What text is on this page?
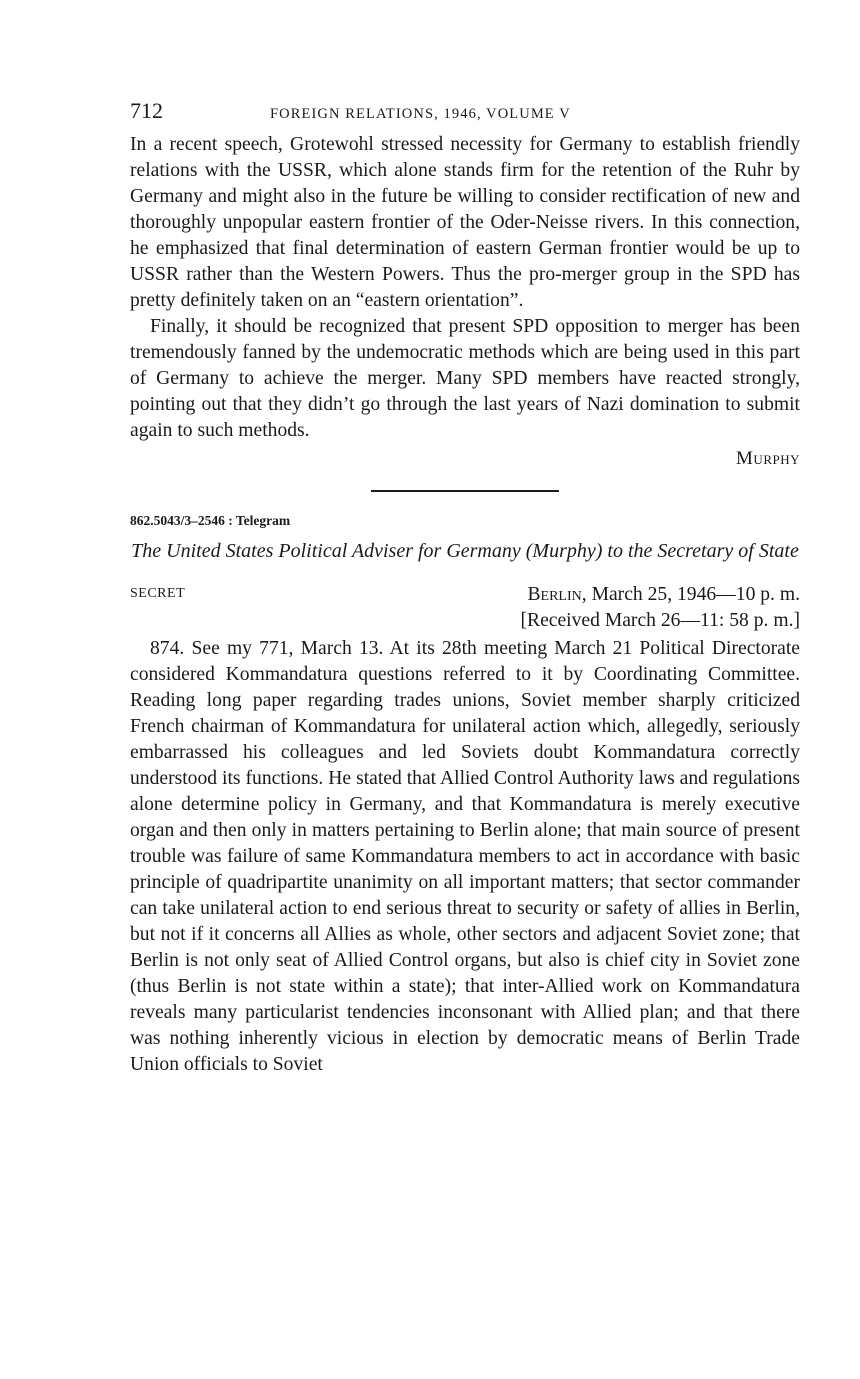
712	FOREIGN RELATIONS, 1946, VOLUME V

In a recent speech, Grotewohl stressed necessity for Germany to establish friendly relations with the USSR, which alone stands firm for the retention of the Ruhr by Germany and might also in the future be willing to consider rectification of new and thoroughly unpopular eastern frontier of the Oder-Neisse rivers. In this connection, he emphasized that final determination of eastern German frontier would be up to USSR rather than the Western Powers. Thus the pro-merger group in the SPD has pretty definitely taken on an “eastern orientation”.

Finally, it should be recognized that present SPD opposition to merger has been tremendously fanned by the undemocratic methods which are being used in this part of Germany to achieve the merger. Many SPD members have reacted strongly, pointing out that they didn’t go through the last years of Nazi domination to submit again to such methods.

Murphy
862.5043/3–2546 : Telegram
The United States Political Adviser for Germany (Murphy) to the Secretary of State
SECRET	Berlin, March 25, 1946—10 p. m.
[Received March 26—11: 58 p. m.]

874. See my 771, March 13. At its 28th meeting March 21 Political Directorate considered Kommandatura questions referred to it by Coordinating Committee. Reading long paper regarding trades unions, Soviet member sharply criticized French chairman of Kommandatura for unilateral action which, allegedly, seriously embarrassed his colleagues and led Soviets doubt Kommandatura correctly understood its functions. He stated that Allied Control Authority laws and regulations alone determine policy in Germany, and that Kommandatura is merely executive organ and then only in matters pertaining to Berlin alone; that main source of present trouble was failure of same Kommandatura members to act in accordance with basic principle of quadripartite unanimity on all important matters; that sector commander can take unilateral action to end serious threat to security or safety of allies in Berlin, but not if it concerns all Allies as whole, other sectors and adjacent Soviet zone; that Berlin is not only seat of Allied Control organs, but also is chief city in Soviet zone (thus Berlin is not state within a state); that inter-Allied work on Kommandatura reveals many particularist tendencies inconsonant with Allied plan; and that there was nothing inherently vicious in election by democratic means of Berlin Trade Union officials to Soviet
